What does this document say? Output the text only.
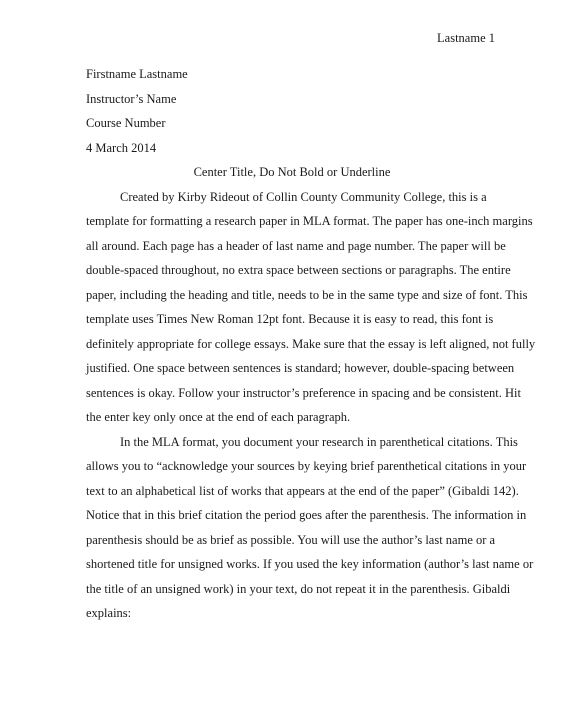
Lastname 1

Firstname Lastname

Instructor’s Name

Course Number

4 March 2014

Center Title, Do Not Bold or Underline

Created by Kirby Rideout of Collin County Community College, this is a
template for formatting a research paper in MLA format. The paper has one-inch margins
all around. Each page has a header of last name and page number. The paper will be
double-spaced throughout, no extra space between sections or paragraphs. The entire
paper, including the heading and title, needs to be in the same type and size of font. This
template uses Times New Roman 12pt font. Because it is easy to read, this font is
definitely appropriate for college essays. Make sure that the essay is left aligned, not fully
justified. One space between sentences is standard; however, double-spacing between
sentences is okay. Follow your instructor’s preference in spacing and be consistent. Hit
the enter key only once at the end of each paragraph.
In the MLA format, you document your research in parenthetical citations. This
allows you to “acknowledge your sources by keying brief parenthetical citations in your
text to an alphabetical list of works that appears at the end of the paper” (Gibaldi 142).
Notice that in this brief citation the period goes after the parenthesis. The information in
parenthesis should be as brief as possible. You will use the author’s last name or a
shortened title for unsigned works. If you used the key information (author’s last name or
the title of an unsigned work) in your text, do not repeat it in the parenthesis. Gibaldi
explains:
